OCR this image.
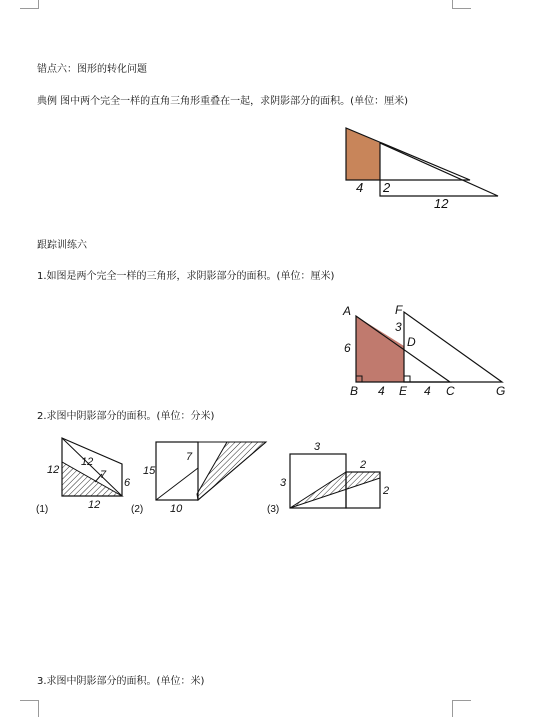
错点六：图形的转化问题
典例 图中两个完全一样的直角三角形重叠在一起，求阴影部分的面积。(单位：厘米)
跟踪训练六
1.如图是两个完全一样的三角形，求阴影部分的面积。(单位：厘米)
2.求图中阴影部分的面积。(单位：分米)
3.求图中阴影部分的面积。(单位：米)
4 2
12
A	F
3
D
6
B 4 E 4 C	G
12
12
7
6
12
(1)
15
7
10
(2)
3
3
2
2
(3)
